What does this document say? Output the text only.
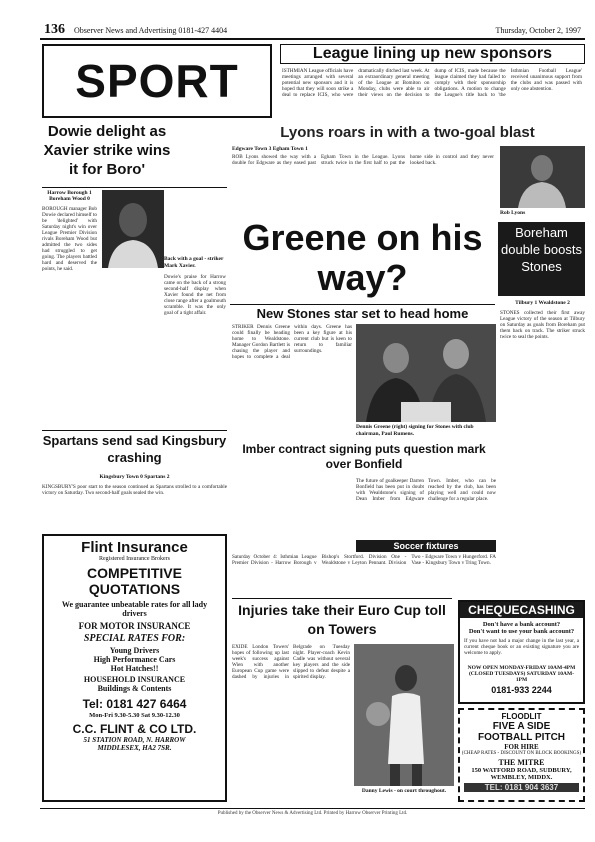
136 Observer News and Advertising 0181-427 4404	Thursday, October 2, 1997
SPORT
League lining up new sponsors
ISTHMIAN League officials have meetings arranged with several potential new sponsors and it is hoped that they will soon strike a deal to replace ICIS, who were dramatically ditched last week. At an extraordinary general meeting of the League at Bomiton on Monday, clubs were able to air their views on the decision to dump of ICIS, made because the league claimed they had failed to comply with their sponsorship obligations. A motion to change the League's title back to 'the Isthmian Football League' received unanimous support from the clubs and was passed with only one abstention.
Dowie delight as Xavier strike wins it for Boro'
Harrow Borough 1 Boreham Wood 0
BOROUGH manager Bob Dowie declared himself to be 'delighted' with Saturday night's win over League Premier Division rivals Boreham Wood but admitted the two sides had struggled to get going. The players battled hard and deserved the points, he said.
Back with a goal - striker Mark Xavier.
Dowie's praise for Harrow came on the back of a strong second-half display when Xavier found the net from close range after a goalmouth scramble. It was the only goal of a tight affair.
Lyons roars in with a two-goal blast
Edgware Town 3 Egham Town 1
ROB Lyons showed the way with a double for Edgware as they eased past Egham Town in the League. Lyons struck twice in the first half to put the home side in control and they never looked back.
Rob Lyons
Greene on his way?
New Stones star set to head home
STRIKER Dennis Greene could finally be heading home to Wealdstone. Manager Gordon Bartlett is chasing the player and hopes to complete a deal within days. Greene has been a key figure at his current club but is keen to return to familiar surroundings.
Dennis Greene (right) signing for Stones with club chairman, Paul Rumens.
Boreham double boosts Stones
Tilbury 1 Wealdstone 2
STONES collected their first away League victory of the season at Tilbury on Saturday as goals from Boreham put them back on track. The striker struck twice to seal the points.
Spartans send sad Kingsbury crashing
Kingsbury Town 0 Spartans 2
KINGSBURY'S poor start to the season continued as Spartans strolled to a comfortable victory on Saturday. Two second-half goals sealed the win.
Imber contract signing puts question mark over Bonfield
The future of goalkeeper Darren Bonfield has been put in doubt with Wealdstone's signing of Dean Imber from Edgware Town. Imber, who can be reached by the club, has been playing well and could now challenge for a regular place.
Soccer fixtures
Saturday October 4: Isthmian League Premier Division - Harrow Borough v Bishop's Stortford. Division One - Wealdstone v Leyton Pennant. Division Two - Edgware Town v Hungerford. FA Vase - Kingsbury Town v Tring Town.
Flint Insurance
Registered Insurance Brokers
COMPETITIVE
QUOTATIONS
We guarantee unbeatable rates for all lady drivers
FOR MOTOR INSURANCE
SPECIAL RATES FOR:
Young Drivers
High Performance Cars
Hot Hatches!!
HOUSEHOLD INSURANCE
Buildings & Contents
Tel: 0181 427 6464
Mon-Fri 9.30-5.30 Sat 9.30-12.30
C.C. FLINT & CO LTD.
51 STATION ROAD, N. HARROW
MIDDLESEX, HA2 7SR.
Injuries take their Euro Cup toll on Towers
EXIDE London Towers' hopes of following up last week's success against Wien with another European Cup game were dashed by injuries in Belgrade on Tuesday night. Player-coach Kevin Cadle was without several key players and the side slipped to defeat despite a spirited display.
Danny Lewis - on court throughout.
CHEQUECASHING
Don't have a bank account?
Don't want to use your bank account?
If you have not had a major change in the last year, a current cheque book or an existing signature you are welcome to apply.
NOW OPEN MONDAY-FRIDAY 10AM-4PM (CLOSED TUESDAYS) SATURDAY 10AM-1PM
0181-933 2244
FLOODLIT
FIVE A SIDE
FOOTBALL PITCH
FOR HIRE
(CHEAP RATES - DISCOUNT ON BLOCK BOOKINGS)
THE MITRE
150 WATFORD ROAD, SUDBURY,
WEMBLEY, MIDDX.
TEL: 0181 904 3637
Published by the Observer News & Advertising Ltd. Printed by Harrow Observer Printing Ltd.
